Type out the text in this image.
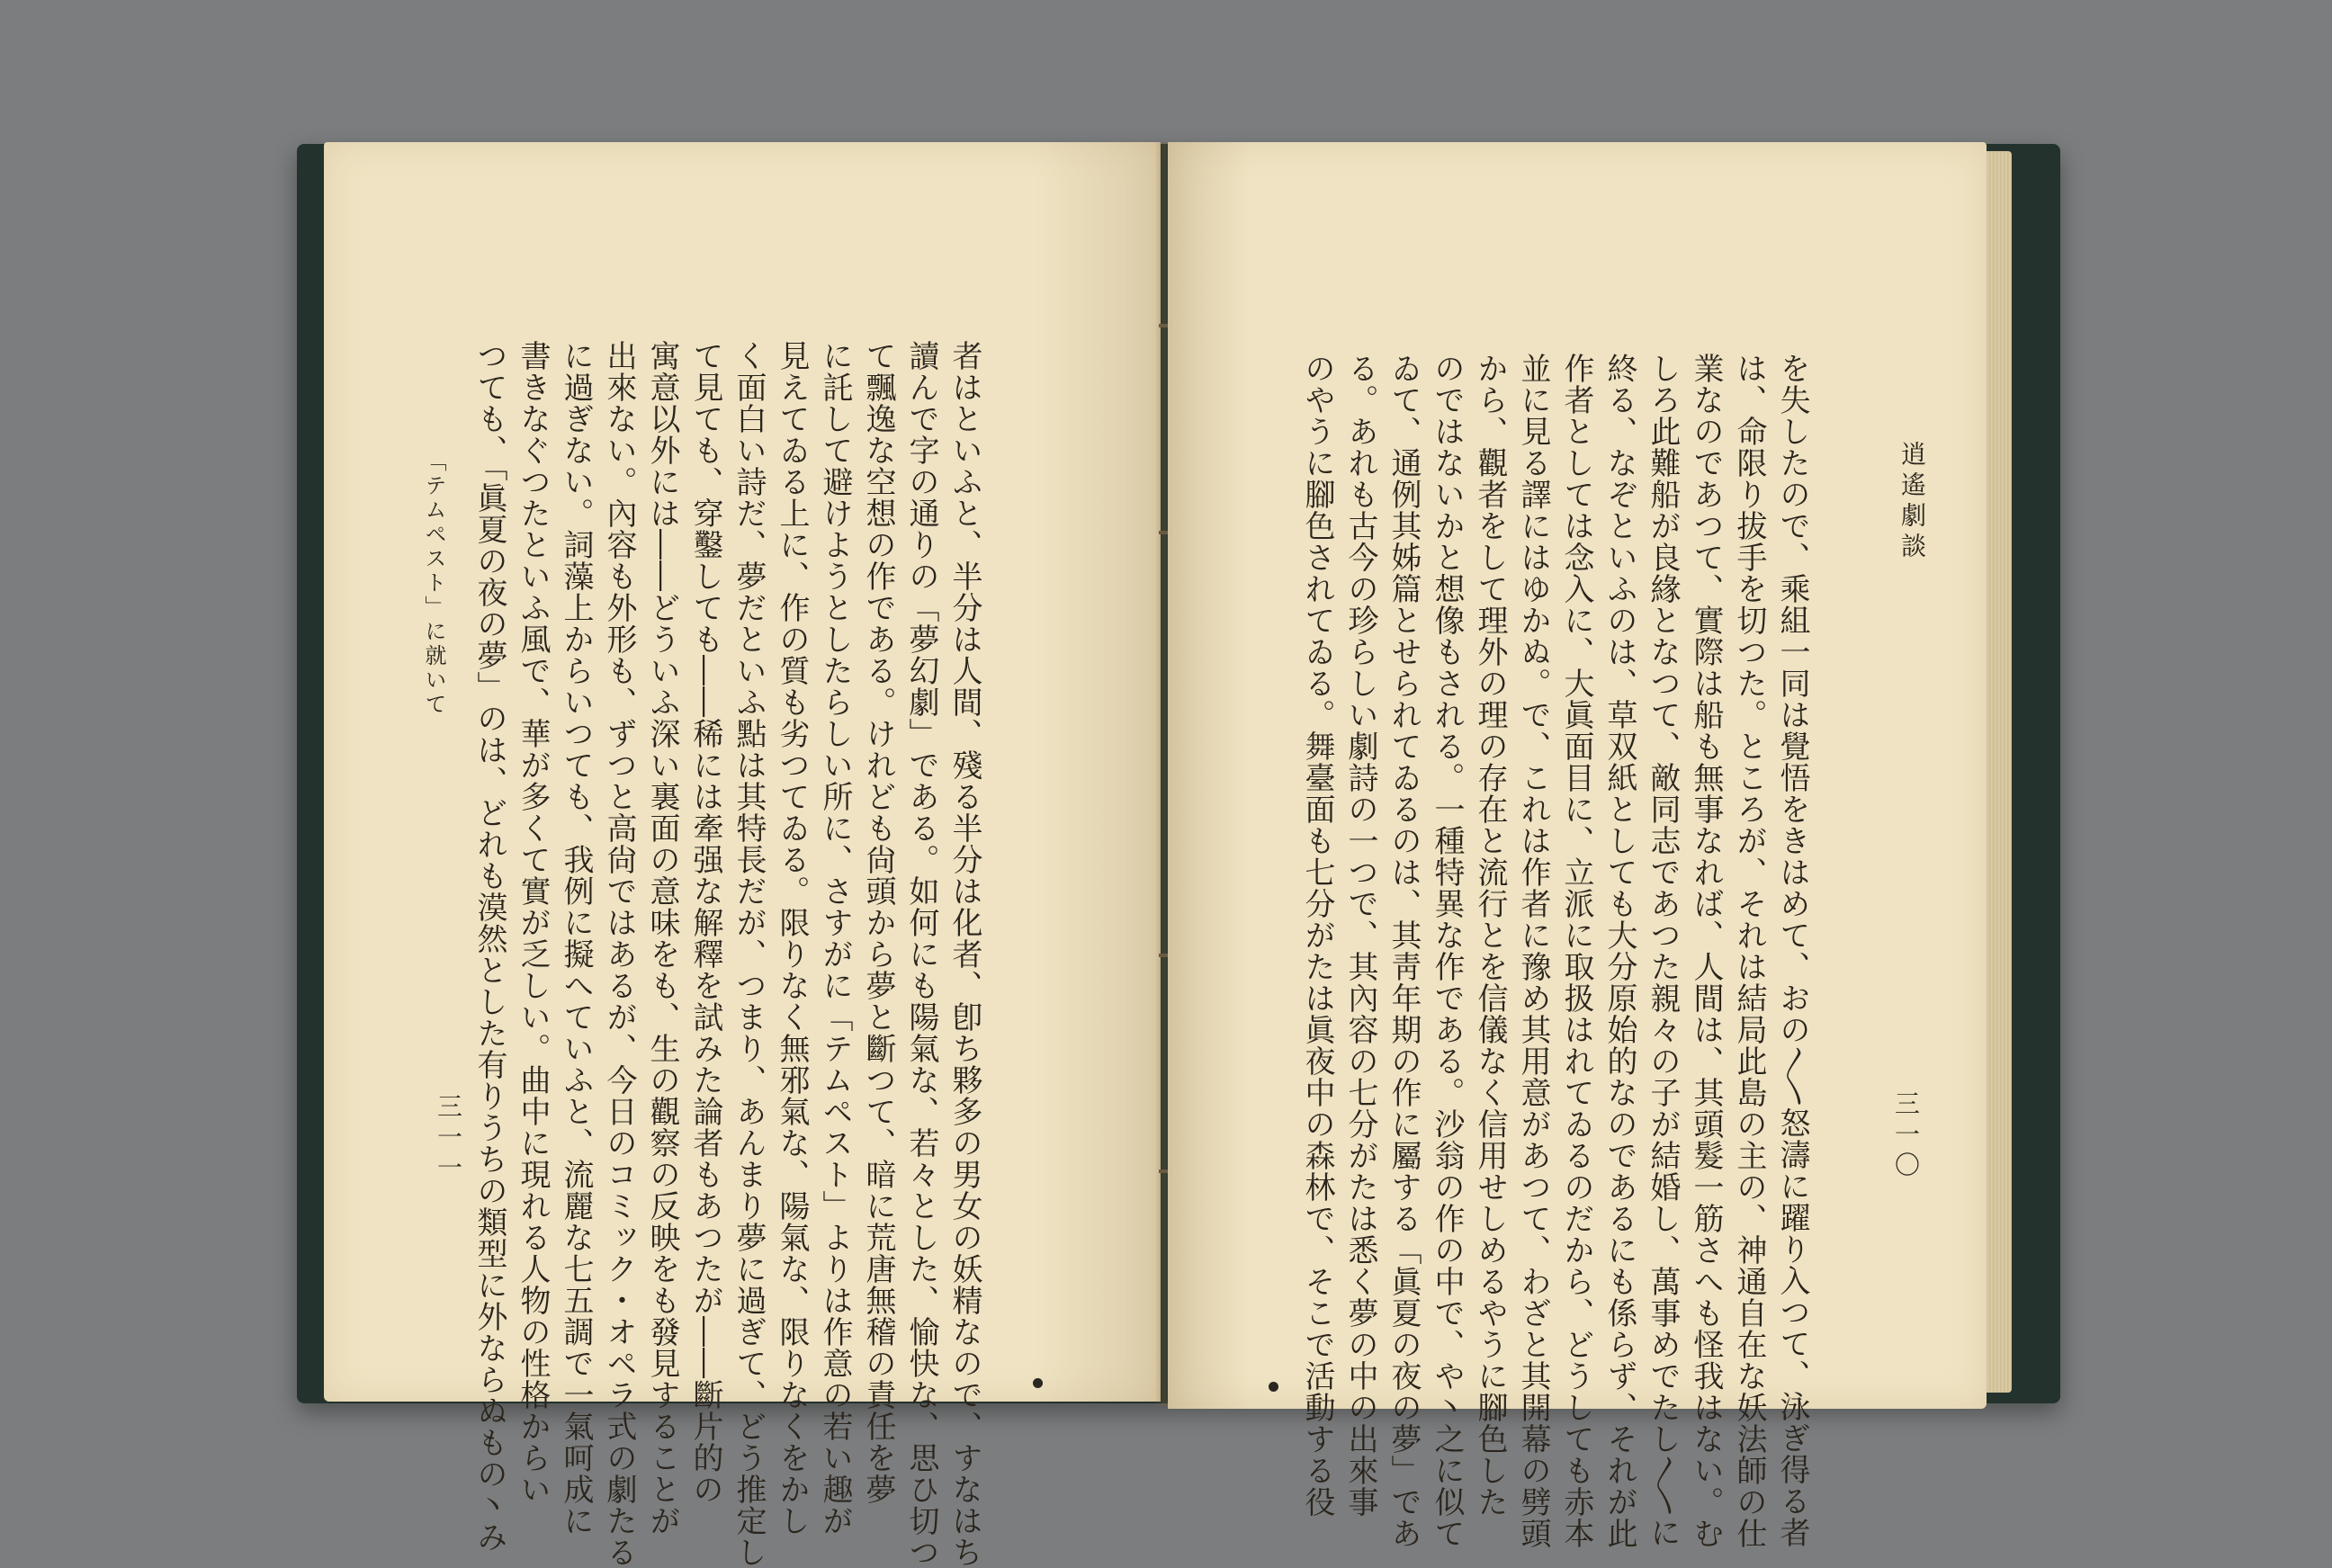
者はといふと、半分は人間、殘る半分は化者、卽ち夥多の男女の妖精なので、すなはち
讀んで字の通りの「夢幻劇」である。如何にも陽氣な、若々とした、愉快な、思ひ切つ
て飄逸な空想の作である。けれども尙頭から夢と斷つて、暗に荒唐無稽の責任を夢
に託して避けようとしたらしい所に、さすがに「テムペスト」よりは作意の若い趣が
見えてゐる上に、作の質も劣つてゐる。限りなく無邪氣な、陽氣な、限りなくをかし
く面白い詩だ、夢だといふ點は其特長だが、つまり、あんまり夢に過ぎて、どう推定し
て見ても、穿鑿しても――稀には牽强な解釋を試みた論者もあつたが――斷片的の
寓意以外には――どういふ深い裏面の意味をも、生の觀察の反映をも發見することが
出來ない。內容も外形も、ずつと高尙ではあるが、今日のコミック・オペラ式の劇たる
に過ぎない。詞藻上からいつても、我例に擬へていふと、流麗な七五調で一氣呵成に
書きなぐつたといふ風で、華が多くて實が乏しい。曲中に現れる人物の性格からい
つても、「眞夏の夜の夢」のは、どれも漠然とした有りうちの類型に外ならぬもの丶み
「テムペスト」に就いて
三一一
逍遙劇談
三一〇
を失したので、乘組一同は覺悟をきはめて、おの〳〵怒濤に躍り入つて、泳ぎ得る者
は、命限り拔手を切つた。ところが、それは結局此島の主の、神通自在な妖法師の仕
業なのであつて、實際は船も無事なれば、人間は、其頭髮一筋さへも怪我はない。む
しろ此難船が良緣となつて、敵同志であつた親々の子が結婚し、萬事めでたし〳〵に
終る、なぞといふのは、草双紙としても大分原始的なのであるにも係らず、それが此
作者としては念入に、大眞面目に、立派に取扱はれてゐるのだから、どうしても赤本
並に見る譯にはゆかぬ。で、これは作者に豫め其用意があつて、わざと其開幕の劈頭
から、觀者をして理外の理の存在と流行とを信儀なく信用せしめるやうに腳色した
のではないかと想像もされる。一種特異な作である。沙翁の作の中で、や丶之に似て
ゐて、通例其姊篇とせられてゐるのは、其靑年期の作に屬する「眞夏の夜の夢」であ
る。あれも古今の珍らしい劇詩の一つで、其內容の七分がたは悉く夢の中の出來事
のやうに腳色されてゐる。舞臺面も七分がたは眞夜中の森林で、そこで活動する役
